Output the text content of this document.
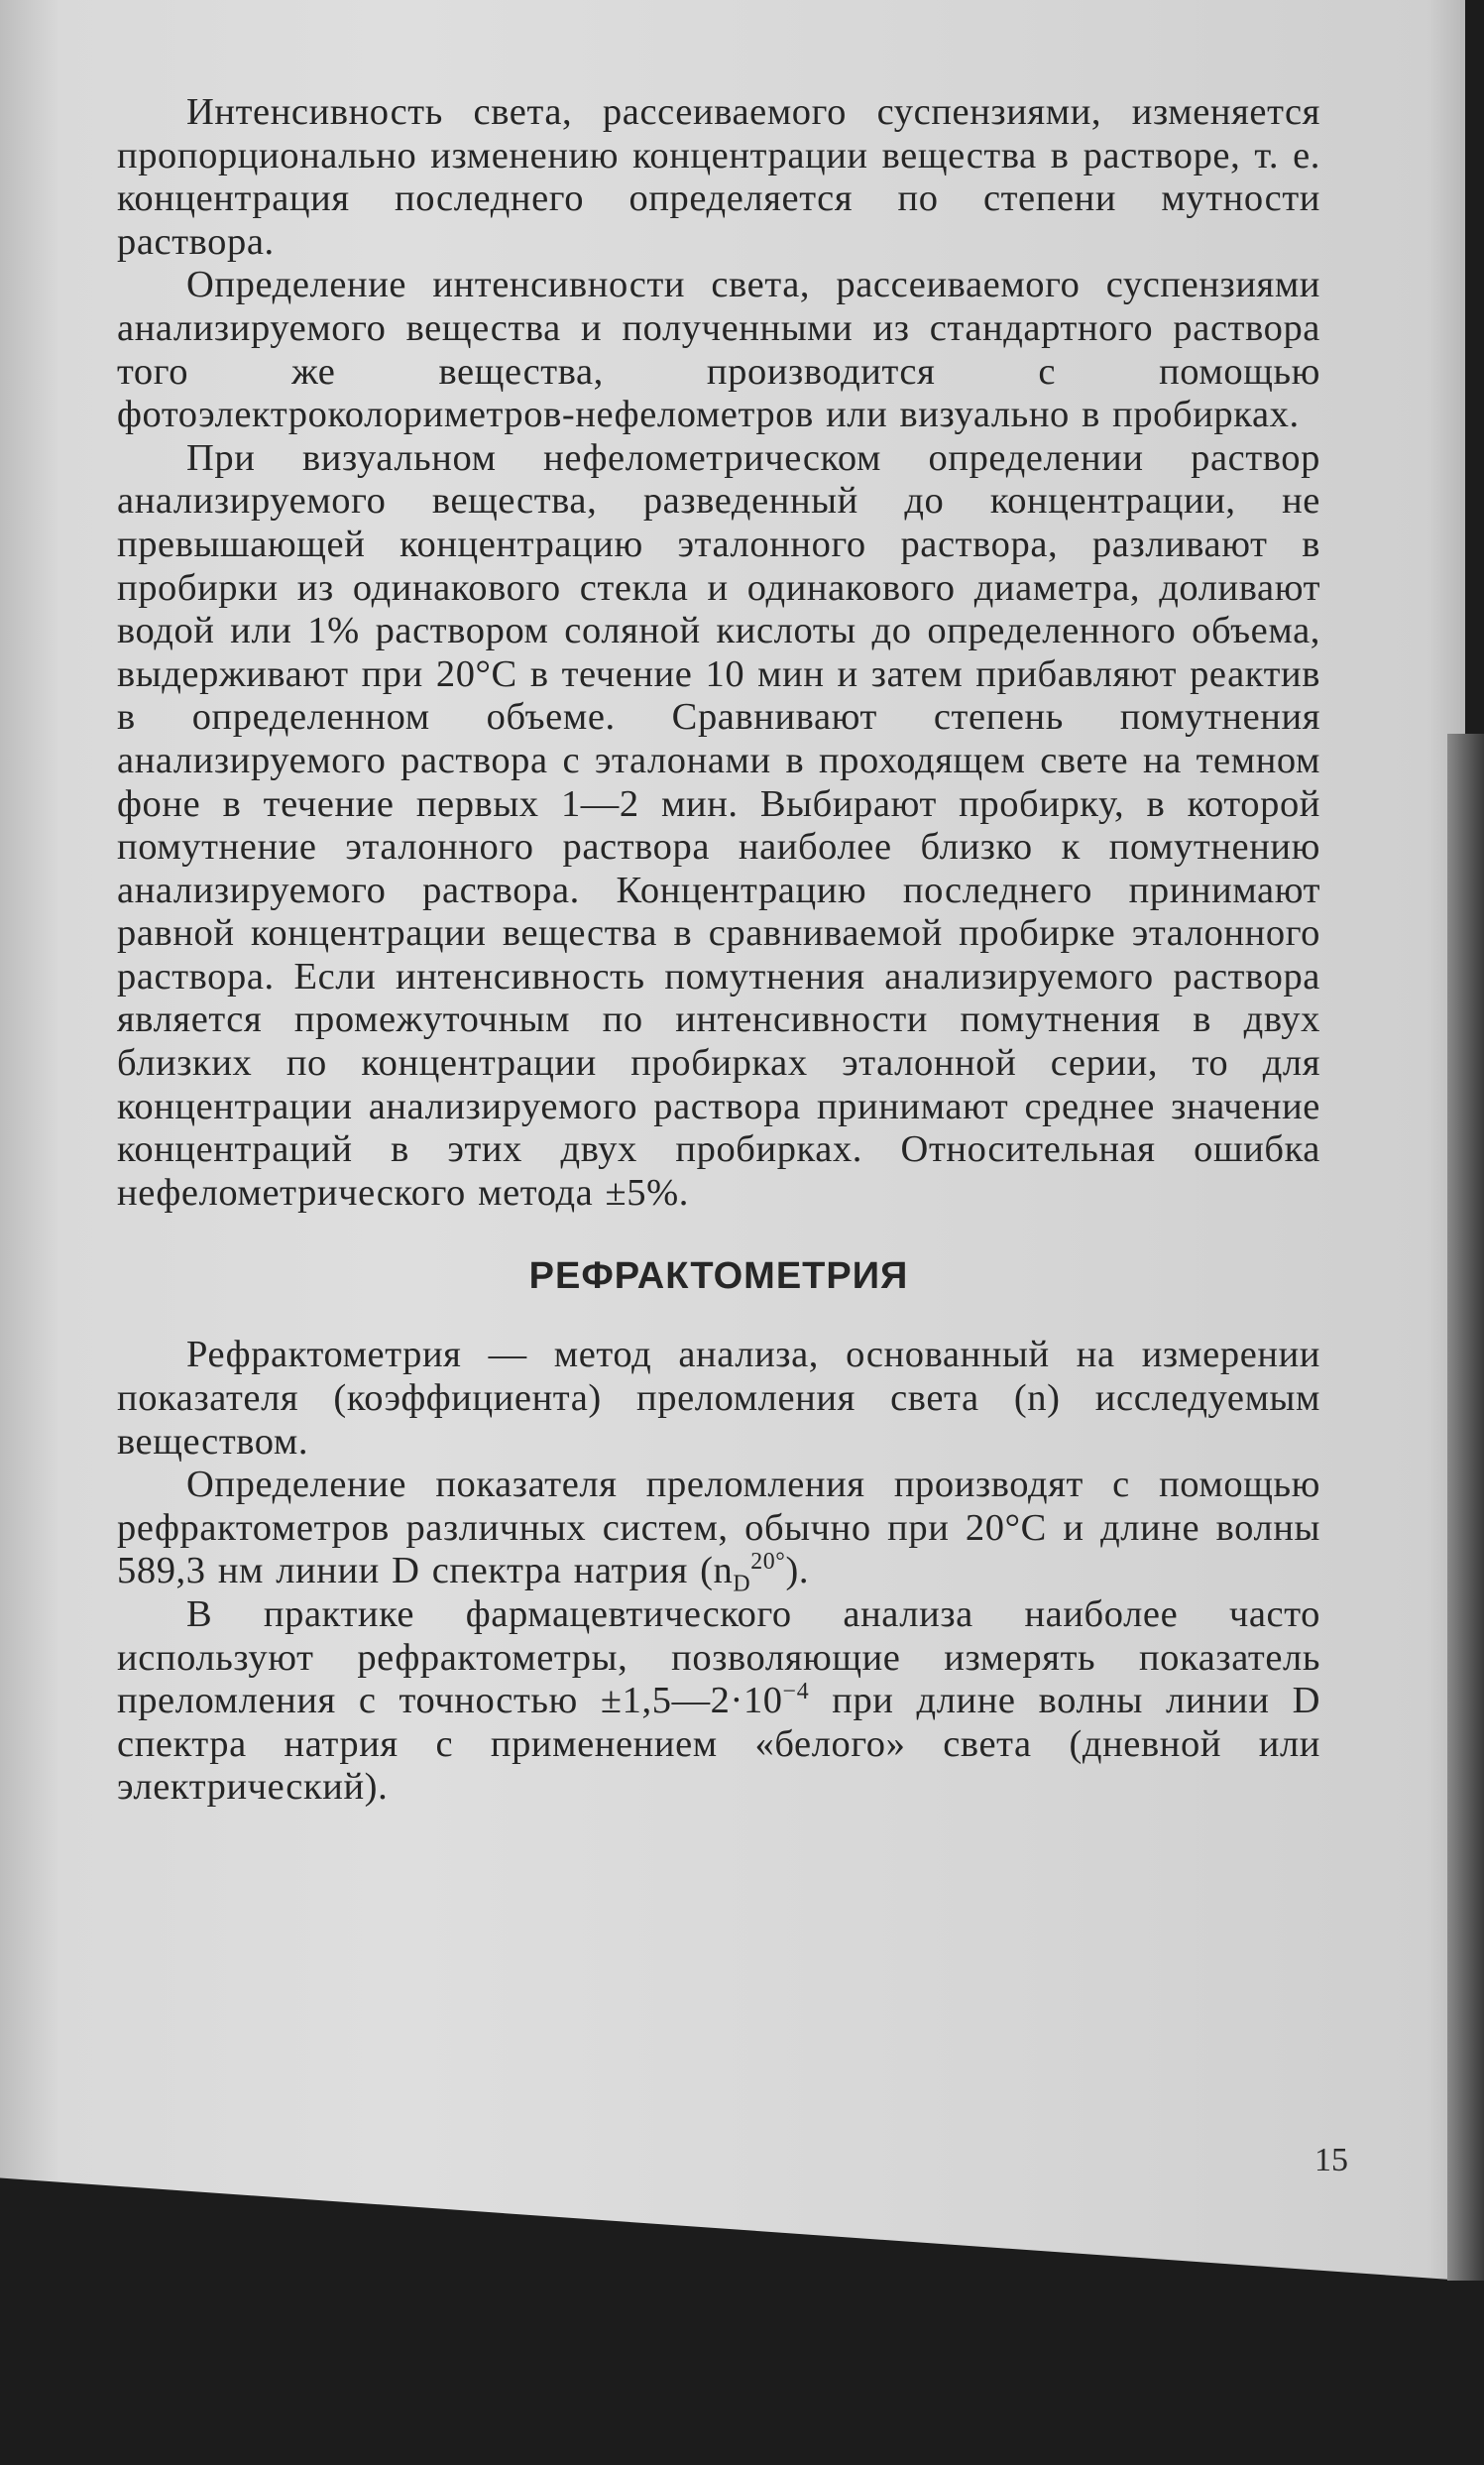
Интенсивность света, рассеиваемого суспензиями, изменяется пропорционально изменению концентрации вещества в растворе, т. е. концентрация последнего определяется по степени мутности раствора.

Определение интенсивности света, рассеиваемого суспензиями анализируемого вещества и полученными из стандартного раствора того же вещества, производится с помощью фотоэлектроколориметров-нефелометров или визуально в пробирках.

При визуальном нефелометрическом определении раствор анализируемого вещества, разведенный до концентрации, не превышающей концентрацию эталонного раствора, разливают в пробирки из одинакового стекла и одинакового диаметра, доливают водой или 1% раствором соляной кислоты до определенного объема, выдерживают при 20°C в течение 10 мин и затем прибавляют реактив в определенном объеме. Сравнивают степень помутнения анализируемого раствора с эталонами в проходящем свете на темном фоне в течение первых 1—2 мин. Выбирают пробирку, в которой помутнение эталонного раствора наиболее близко к помутнению анализируемого раствора. Концентрацию последнего принимают равной концентрации вещества в сравниваемой пробирке эталонного раствора. Если интенсивность помутнения анализируемого раствора является промежуточным по интенсивности помутнения в двух близких по концентрации пробирках эталонной серии, то для концентрации анализируемого раствора принимают среднее значение концентраций в этих двух пробирках. Относительная ошибка нефелометрического метода ±5%.

РЕФРАКТОМЕТРИЯ

Рефрактометрия — метод анализа, основанный на измерении показателя (коэффициента) преломления света (n) исследуемым веществом.

Определение показателя преломления производят с помощью рефрактометров различных систем, обычно при 20°C и длине волны 589,3 нм линии D спектра натрия $(n_D^{20^\circ})$.

В практике фармацевтического анализа наиболее часто используют рефрактометры, позволяющие измерять показатель преломления с точностью $\pm 1,5—2\cdot 10^{-4}$ при длине волны линии D спектра натрия с применением «белого» света (дневной или электрический).

15
